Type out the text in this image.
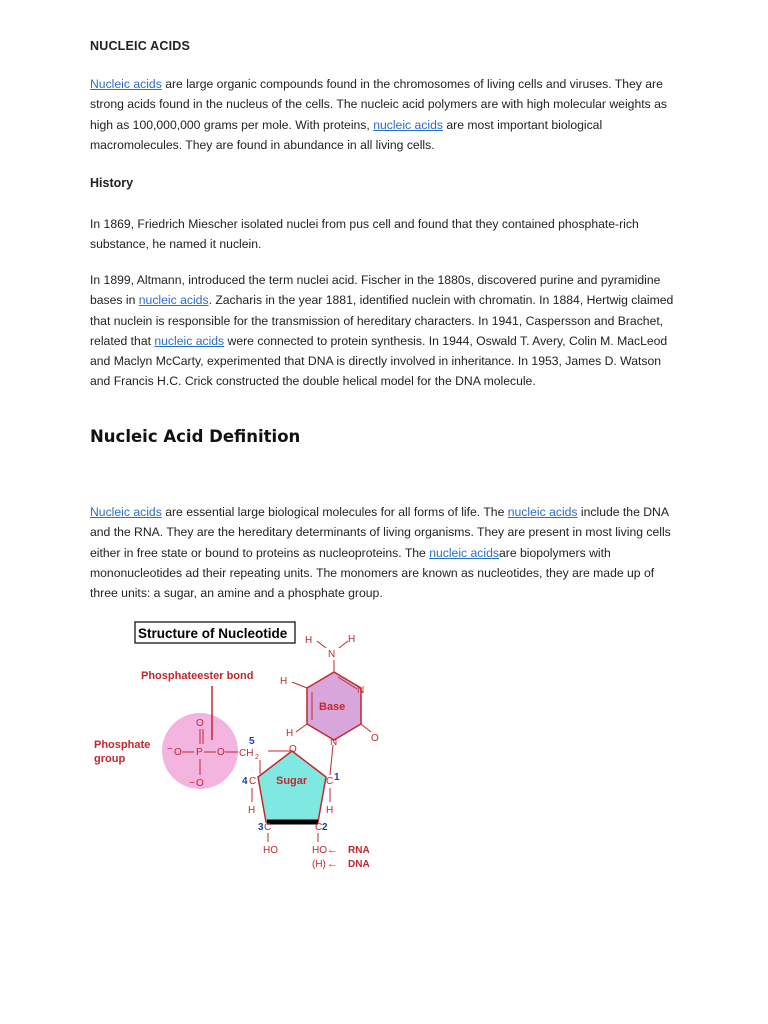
NUCLEIC ACIDS
Nucleic acids are large organic compounds found in the chromosomes of living cells and viruses. They are strong acids found in the nucleus of the cells. The nucleic acid polymers are with high molecular weights as high as 100,000,000 grams per mole. With proteins, nucleic acids are most important biological macromolecules. They are found in abundance in all living cells.
History
In 1869, Friedrich Miescher isolated nuclei from pus cell and found that they contained phosphate-rich substance, he named it nuclein.
In 1899, Altmann, introduced the term nuclei acid. Fischer in the 1880s, discovered purine and pyramidine bases in nucleic acids. Zacharis in the year 1881, identified nuclein with chromatin. In 1884, Hertwig claimed that nuclein is responsible for the transmission of hereditary characters. In 1941, Caspersson and Brachet, related that nucleic acids were connected to protein synthesis. In 1944, Oswald T. Avery, Colin M. MacLeod and Maclyn McCarty, experimented that DNA is directly involved in inheritance. In 1953, James D. Watson and Francis H.C. Crick constructed the double helical model for the DNA molecule.
Nucleic Acid Definition
Nucleic acids are essential large biological molecules for all forms of life. The nucleic acids include the DNA and the RNA. They are the hereditary determinants of living organisms. They are present in most living cells either in free state or bound to proteins as nucleoproteins. The nucleic acidsare biopolymers with mononucleotides ad their repeating units. The monomers are known as nucleotides, they are made up of three units: a sugar, an amine and a phosphate group.
Structure of Nucleotide
Phosphateester bond
Phosphate
group
O
− O P O
− O
5
CH 2
Sugar
O
4 C
H
C 1
H
3 C
HO
C 2
HO ← RNA
(H) ← DNA
Base
N
N	O
H
H
N
H	H
